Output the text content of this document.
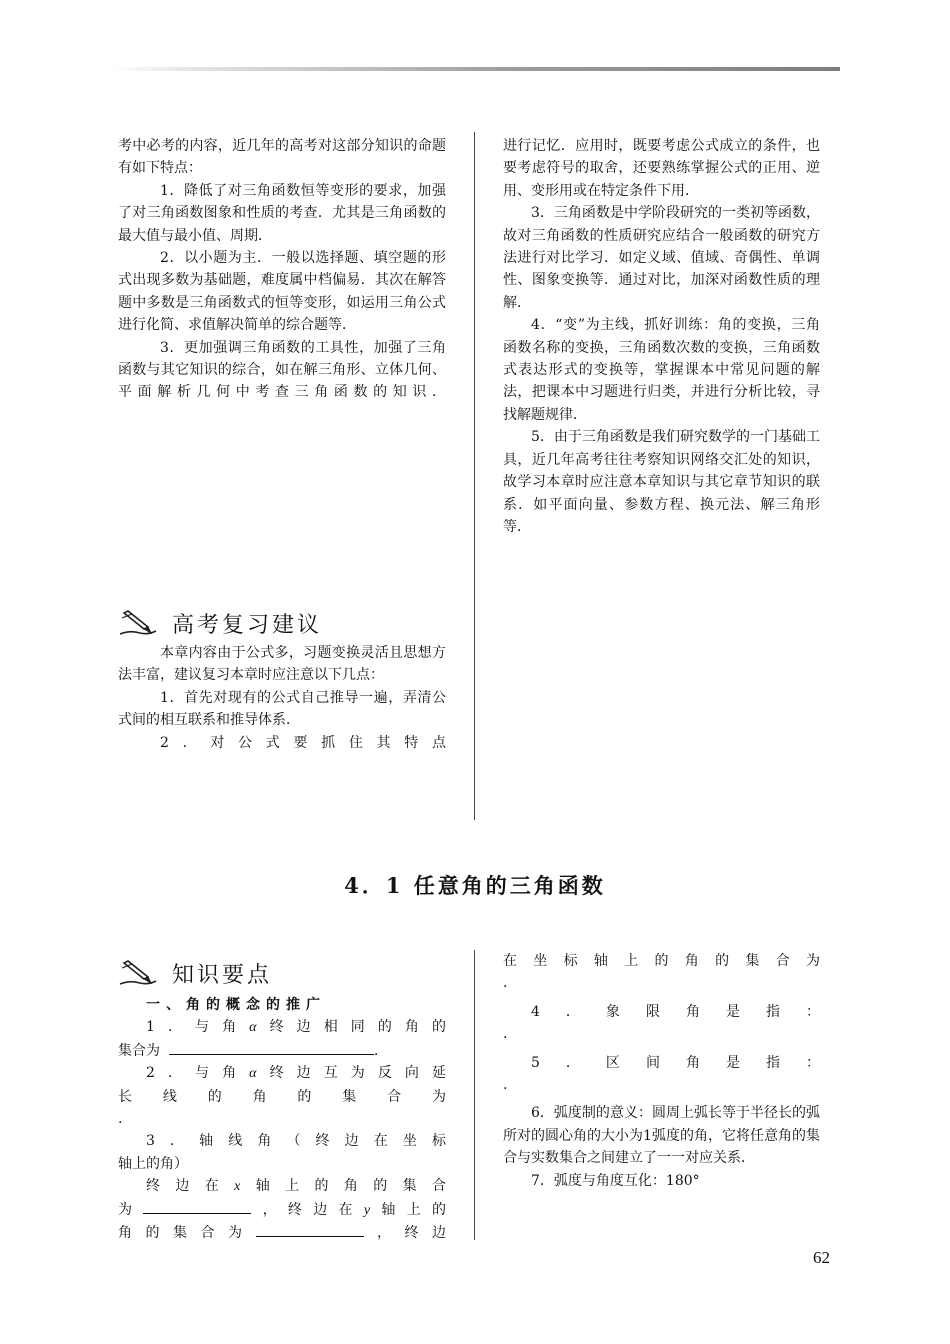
考中必考的内容，近几年的高考对这部分知识的命题有如下特点：

1．降低了对三角函数恒等变形的要求，加强了对三角函数图象和性质的考查．尤其是三角函数的最大值与最小值、周期．

2．以小题为主．一般以选择题、填空题的形式出现多数为基础题，难度属中档偏易．其次在解答题中多数是三角函数式的恒等变形，如运用三角公式进行化简、求值解决简单的综合题等．

3．更加强调三角函数的工具性，加强了三角函数与其它知识的综合，如在解三角形、立体几何、平面解析几何中考查三角函数的知识．

高考复习建议

本章内容由于公式多，习题变换灵活且思想方法丰富，建议复习本章时应注意以下几点：

1．首先对现有的公式自己推导一遍，弄清公式间的相互联系和推导体系．

2．对公式要抓住其特点

进行记忆．应用时，既要考虑公式成立的条件，也要考虑符号的取舍，还要熟练掌握公式的正用、逆用、变形用或在特定条件下用．

3．三角函数是中学阶段研究的一类初等函数，故对三角函数的性质研究应结合一般函数的研究方法进行对比学习．如定义域、值域、奇偶性、单调性、图象变换等．通过对比，加深对函数性质的理解．

4．“变”为主线，抓好训练：角的变换，三角函数名称的变换，三角函数次数的变换，三角函数式表达形式的变换等，掌握课本中常见问题的解法，把课本中习题进行归类，并进行分析比较，寻找解题规律．

5．由于三角函数是我们研究数学的一门基础工具，近几年高考往往考察知识网络交汇处的知识，故学习本章时应注意本章知识与其它章节知识的联系．如平面向量、参数方程、换元法、解三角形等．

4．1 任意角的三角函数
知识要点

一、角的概念的推广

1．与角α终边相同的角的

集合为	.

2．与角α终边互为反向延

长线的角的集合为

.

3．轴线角（终边在坐标

轴上的角）

终边在x轴上的角的集合

为	，终边在y轴上的

角的集合为	，终边

在坐标轴上的角的集合为

.

4．象限角是指：

.

5．区间角是指：

.

6．弧度制的意义：圆周上弧长等于半径长的弧所对的圆心角的大小为1弧度的角，它将任意角的集合与实数集合之间建立了一一对应关系．

7．弧度与角度互化：180°

62
